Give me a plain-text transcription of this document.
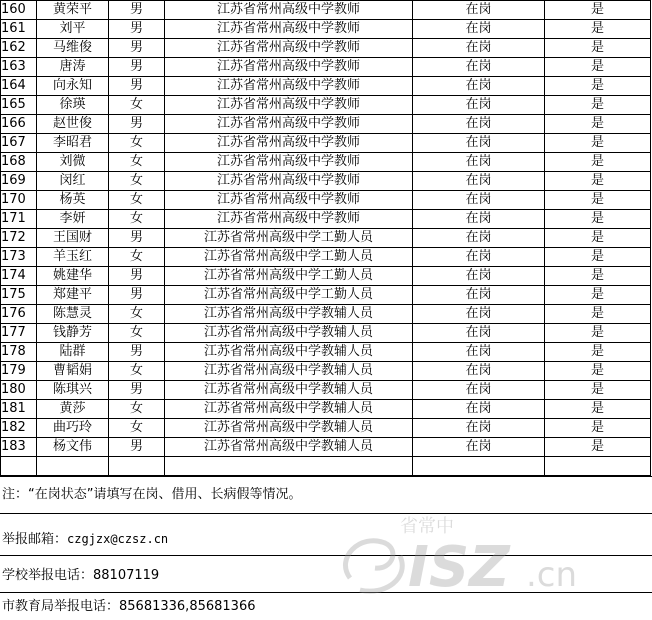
160	黄荣平	男	江苏省常州高级中学教师	在岗	是
161	刘平	男	江苏省常州高级中学教师	在岗	是
162	马维俊	男	江苏省常州高级中学教师	在岗	是
163	唐涛	男	江苏省常州高级中学教师	在岗	是
164	向永知	男	江苏省常州高级中学教师	在岗	是
165	徐瑛	女	江苏省常州高级中学教师	在岗	是
166	赵世俊	男	江苏省常州高级中学教师	在岗	是
167	李昭君	女	江苏省常州高级中学教师	在岗	是
168	刘微	女	江苏省常州高级中学教师	在岗	是
169	闵红	女	江苏省常州高级中学教师	在岗	是
170	杨英	女	江苏省常州高级中学教师	在岗	是
171	李妍	女	江苏省常州高级中学教师	在岗	是
172	王国财	男	江苏省常州高级中学工勤人员	在岗	是
173	羊玉红	女	江苏省常州高级中学工勤人员	在岗	是
174	姚建华	男	江苏省常州高级中学工勤人员	在岗	是
175	郑建平	男	江苏省常州高级中学工勤人员	在岗	是
176	陈慧灵	女	江苏省常州高级中学教辅人员	在岗	是
177	钱静芳	女	江苏省常州高级中学教辅人员	在岗	是
178	陆群	男	江苏省常州高级中学教辅人员	在岗	是
179	曹韬娟	女	江苏省常州高级中学教辅人员	在岗	是
180	陈琪兴	男	江苏省常州高级中学教辅人员	在岗	是
181	黄莎	女	江苏省常州高级中学教辅人员	在岗	是
182	曲巧玲	女	江苏省常州高级中学教辅人员	在岗	是
183	杨文伟	男	江苏省常州高级中学教辅人员	在岗	是

注：“在岗状态”请填写在岗、借用、长病假等情况。
举报邮箱：czgjzx@czsz.cn
学校举报电话：88107119
市教育局举报电话：85681336,85681366
省常中
ISZ .cn
